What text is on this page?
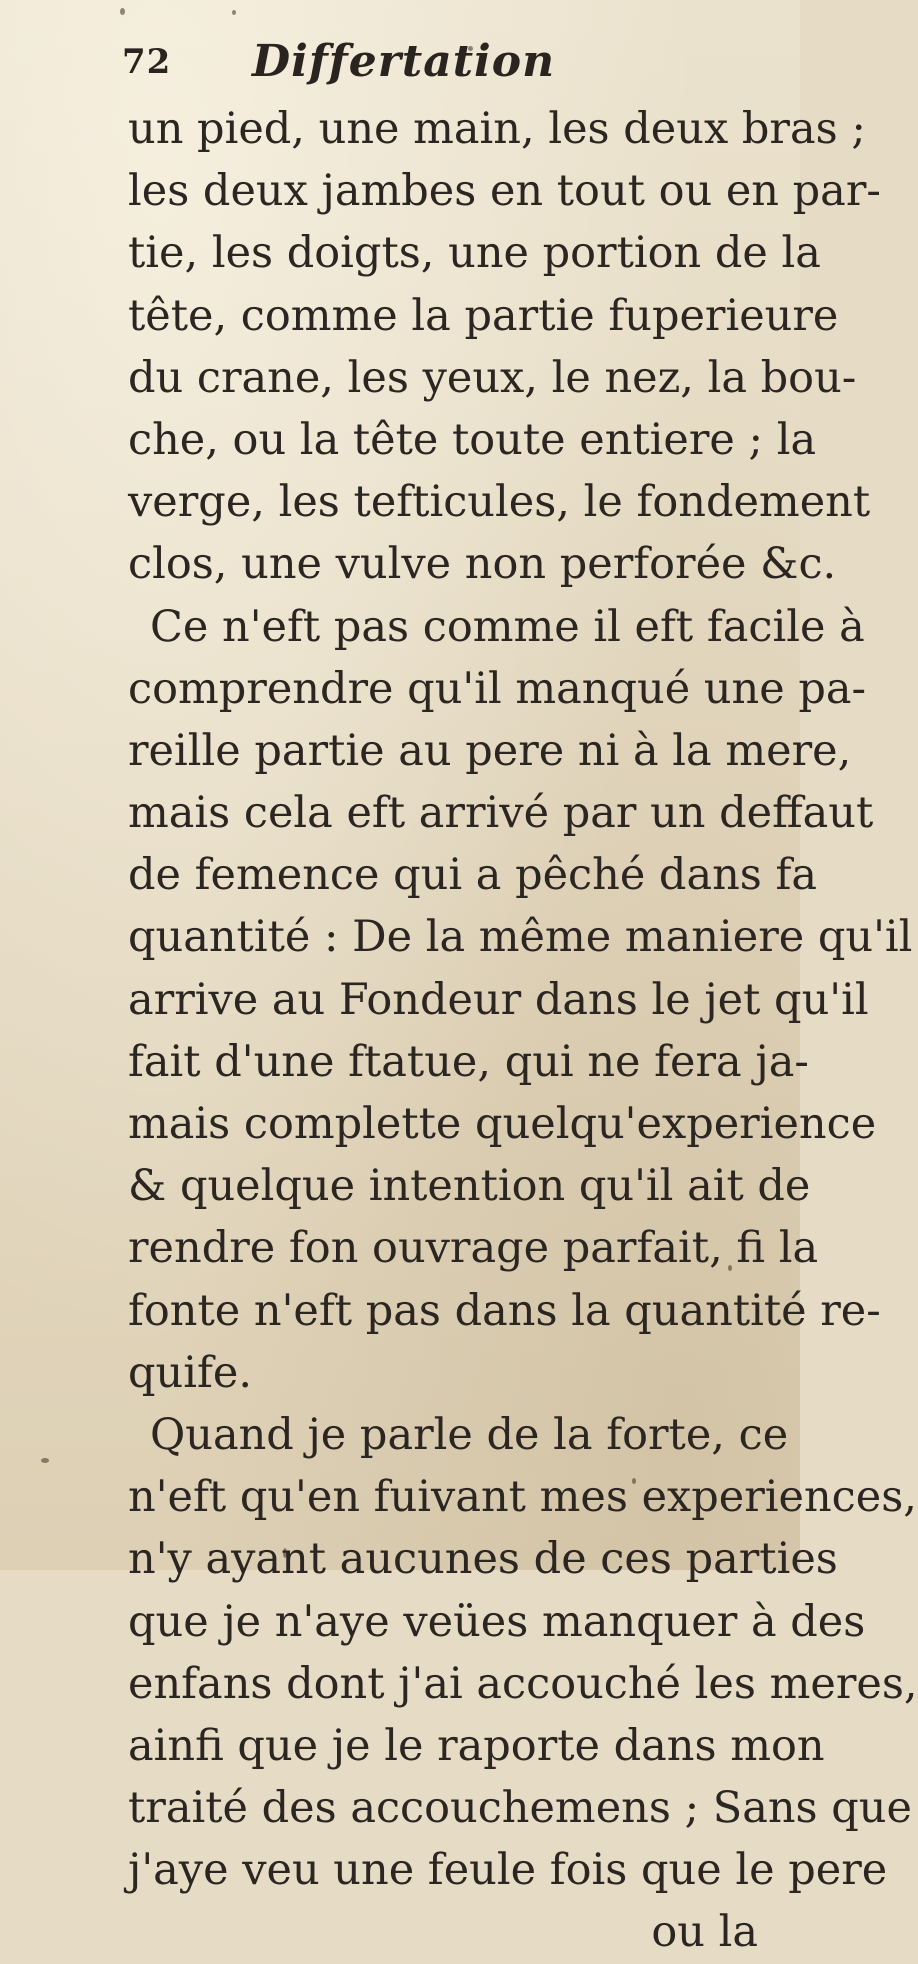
72 Differtation
un pied, une main, les deux bras ;
les deux jambes en tout ou en par-
tie, les doigts, une portion de la
tête, comme la partie fuperieure
du crane, les yeux, le nez, la bou-
che, ou la tête toute entiere ; la
verge, les tefticules, le fondement
clos, une vulve non perforée &c.
Ce n'eft pas comme il eft facile à
comprendre qu'il manqué une pa-
reille partie au pere ni à la mere,
mais cela eft arrivé par un deffaut
de femence qui a pêché dans fa
quantité : De la même maniere qu'il
arrive au Fondeur dans le jet qu'il
fait d'une ftatue, qui ne fera ja-
mais complette quelqu'experience
& quelque intention qu'il ait de
rendre fon ouvrage parfait, fi la
fonte n'eft pas dans la quantité re-
quife.
Quand je parle de la forte, ce
n'eft qu'en fuivant mes experiences,
n'y ayant aucunes de ces parties
que je n'aye veües manquer à des
enfans dont j'ai accouché les meres,
ainfi que je le raporte dans mon
traité des accouchemens ; Sans que
j'aye veu une feule fois que le pere
ou la
